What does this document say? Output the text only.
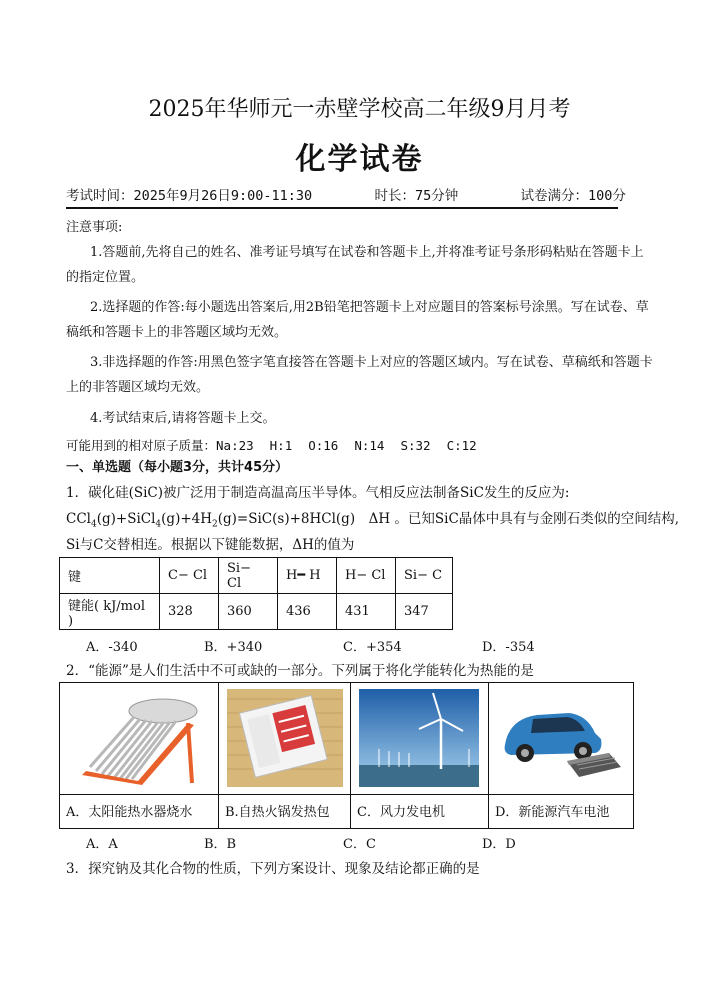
2025年华师元一赤壁学校高二年级9月月考
化学试卷
考试时间：2025年9月26日9:00-11:30	时长：75分钟	试卷满分：100分
注意事项:
1.答题前,先将自己的姓名、准考证号填写在试卷和答题卡上,并将准考证号条形码粘贴在答题卡上的指定位置。
2.选择题的作答:每小题选出答案后,用2B铅笔把答题卡上对应题目的答案标号涂黑。写在试卷、草稿纸和答题卡上的非答题区域均无效。
3.非选择题的作答:用黑色签字笔直接答在答题卡上对应的答题区域内。写在试卷、草稿纸和答题卡上的非答题区域均无效。
4.考试结束后,请将答题卡上交。
可能用到的相对原子质量：Na:23 H:1 O:16 N:14 S:32 C:12
一、单选题（每小题3分，共计45分）
1．碳化硅(SiC)被广泛用于制造高温高压半导体。气相反应法制备SiC发生的反应为:
$CCl_4(g)+SiCl_4(g)+4H_2(g)=SiC(s)+8HCl(g)$　ΔH 。已知SiC晶体中具有与金刚石类似的空间结构,
Si与C交替相连。根据以下键能数据，ΔH的值为
键	C− Cl	Si− Cl	H━ H	H− Cl	Si− C
键能( kJ/mol )	328	360	436	431	347
A．-340	B．+340	C．+354	D．-354
2．“能源”是人们生活中不可或缺的一部分。下列属于将化学能转化为热能的是
A．太阳能热水器烧水	B.自热火锅发热包 C．风力发电机	D．新能源汽车电池
A．A	B．B	C．C	D．D
3．探究钠及其化合物的性质，下列方案设计、现象及结论都正确的是
